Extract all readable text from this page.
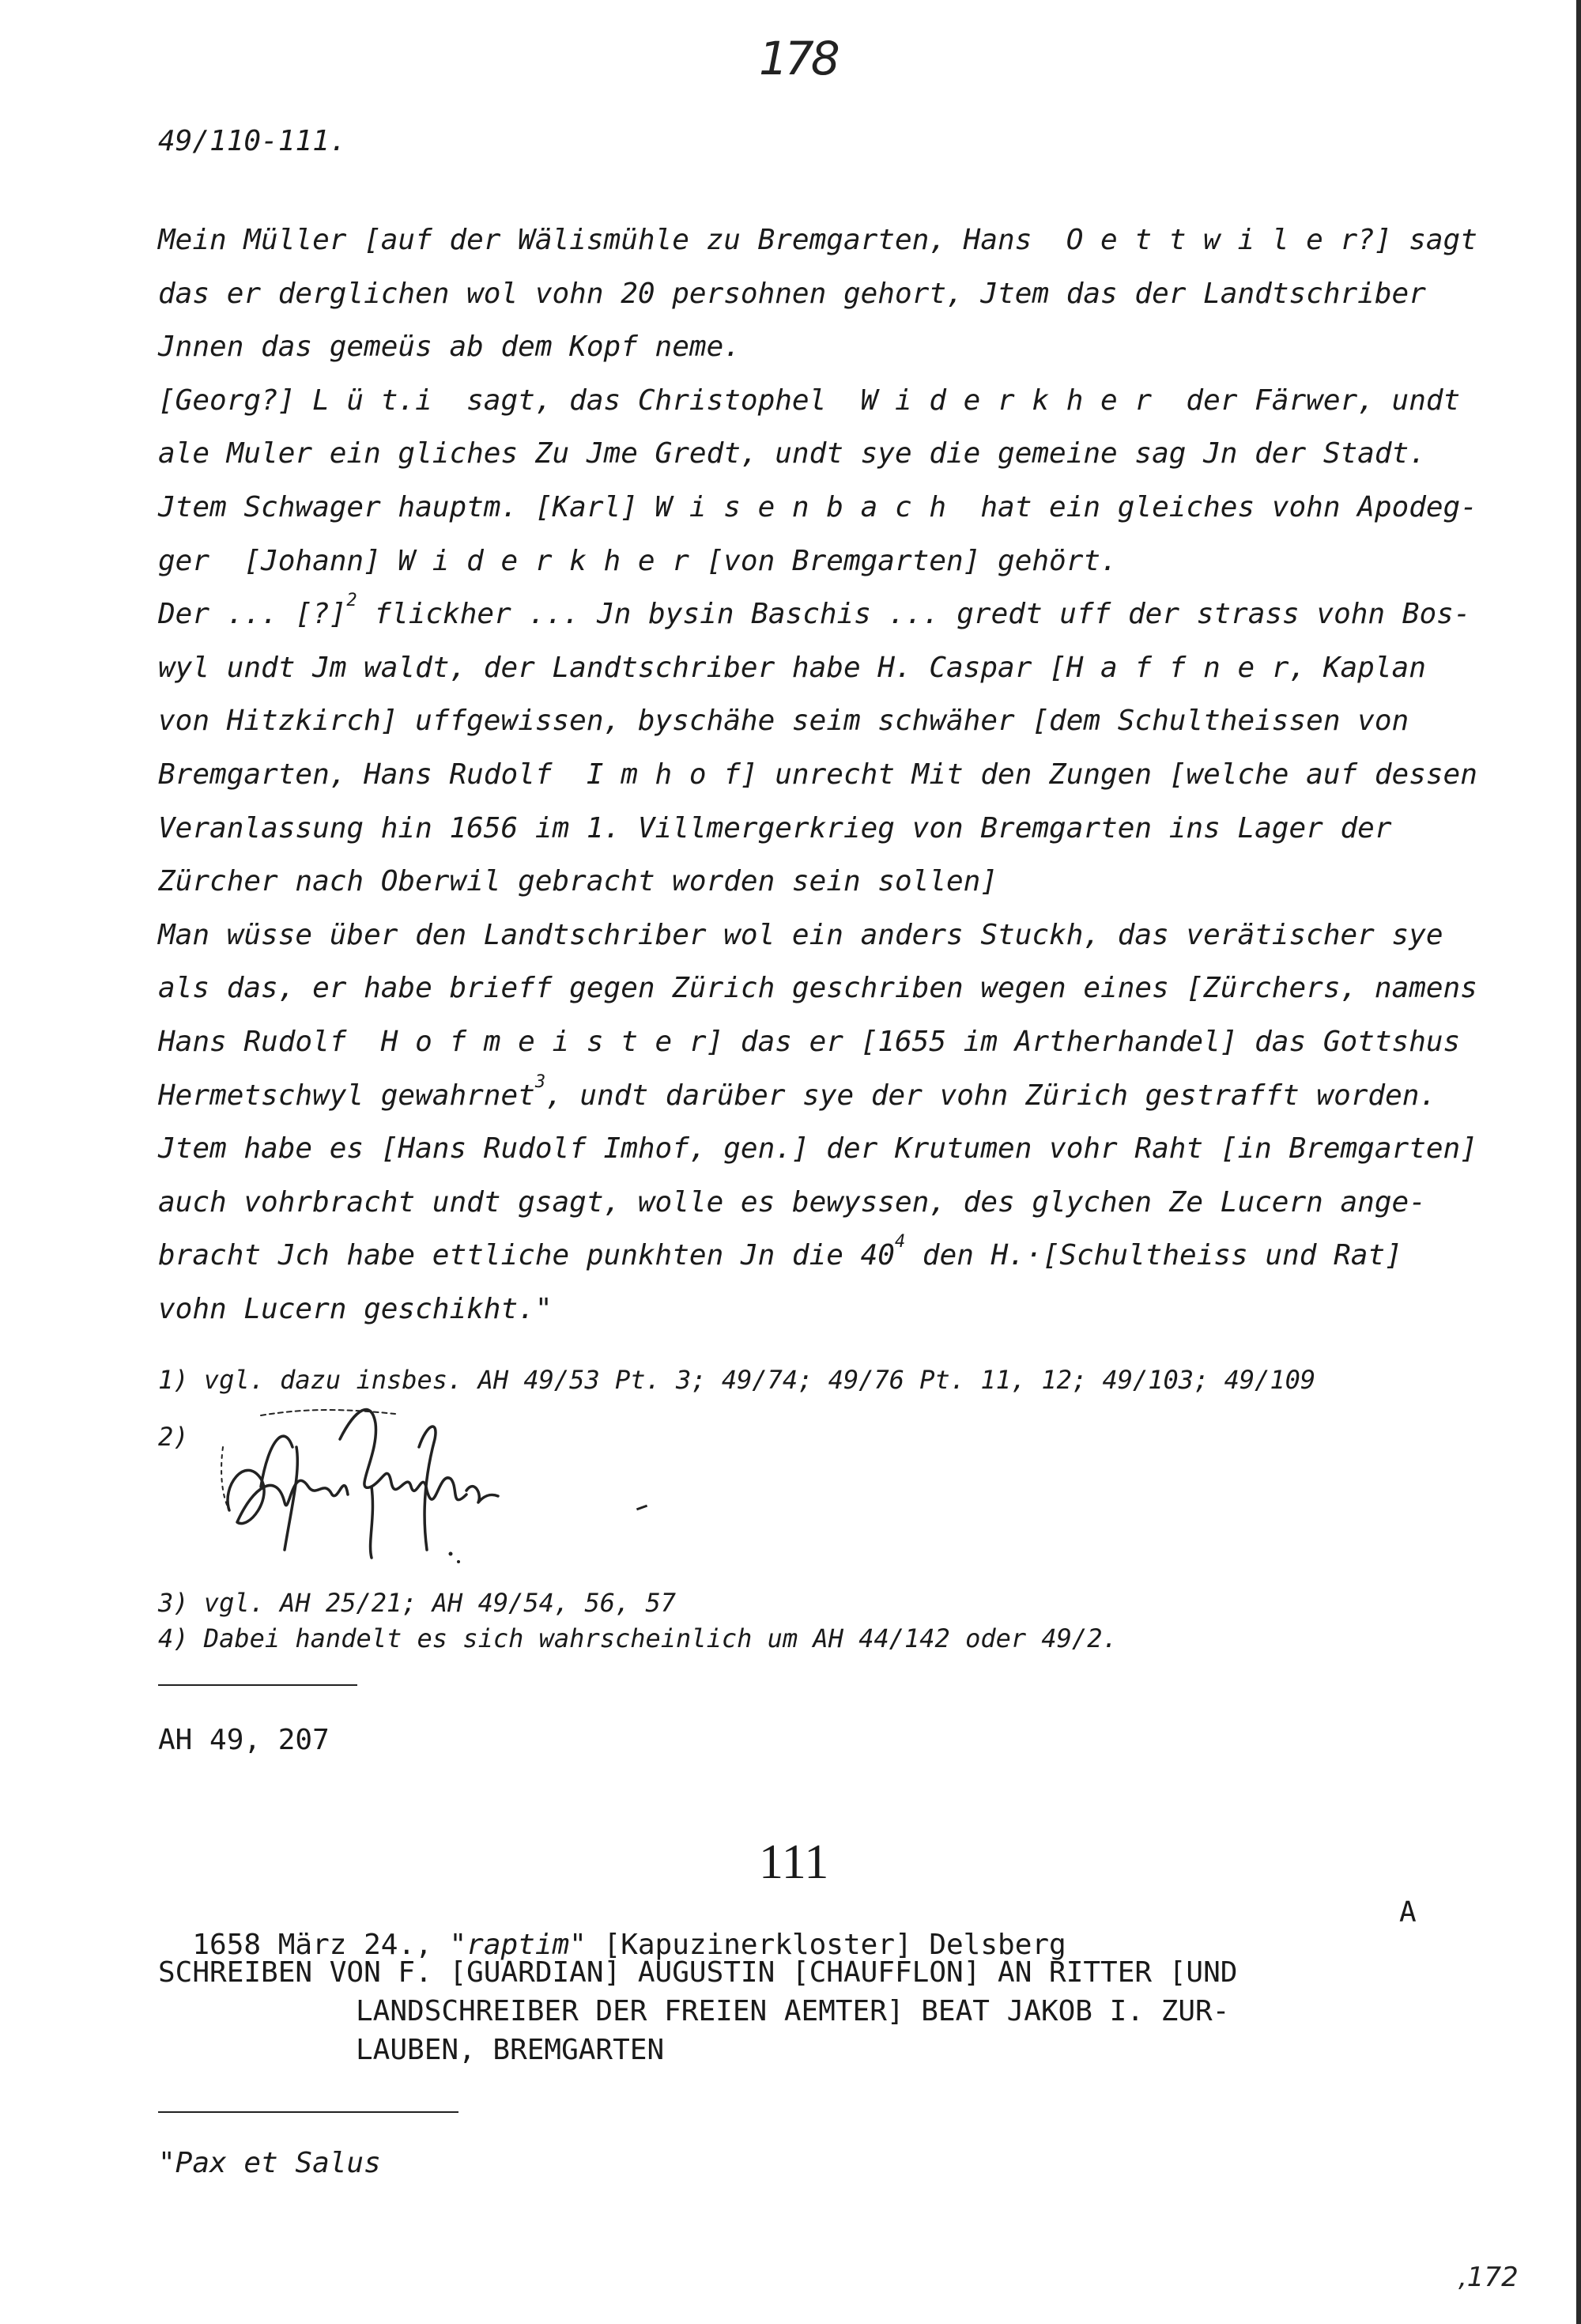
178
49/110-111.

Mein Müller [auf der Wälismühle zu Bremgarten, Hans  O e t t w i l e r?] sagt

das er derglichen wol vohn 20 persohnen gehort, Jtem das der Landtschriber

Jnnen das gemeüs ab dem Kopf neme.

[Georg?] L ü t.i  sagt, das Christophel  W i d e r k h e r  der Färwer, undt

ale Muler ein gliches Zu Jme Gredt, undt sye die gemeine sag Jn der Stadt.

Jtem Schwager hauptm. [Karl] W i s e n b a c h  hat ein gleiches vohn Apodeg-

ger  [Johann] W i d e r k h e r [von Bremgarten] gehört.

Der ... [?]$^2$ flickher ... Jn bysin Baschis ... gredt uff der strass vohn Bos-

wyl undt Jm waldt, der Landtschriber habe H. Caspar [H a f f n e r, Kaplan

von Hitzkirch] uffgewissen, byschähe seim schwäher [dem Schultheissen von

Bremgarten, Hans Rudolf  I m h o f] unrecht Mit den Zungen [welche auf dessen

Veranlassung hin 1656 im 1. Villmergerkrieg von Bremgarten ins Lager der

Zürcher nach Oberwil gebracht worden sein sollen]

Man wüsse über den Landtschriber wol ein anders Stuckh, das verätischer sye

als das, er habe brieff gegen Zürich geschriben wegen eines [Zürchers, namens

Hans Rudolf  H o f m e i s t e r] das er [1655 im Artherhandel] das Gottshus

Hermetschwyl gewahrnet$^3$, undt darüber sye der vohn Zürich gestrafft worden.

Jtem habe es [Hans Rudolf Imhof, gen.] der Krutumen vohr Raht [in Bremgarten]

auch vohrbracht undt gsagt, wolle es bewyssen, des glychen Ze Lucern ange-

bracht Jch habe ettliche punkhten Jn die $40^4$ den H.·[Schultheiss und Rat]

vohn Lucern geschikht."

1) vgl. dazu insbes. AH 49/53 Pt. 3; 49/74; 49/76 Pt. 11, 12; 49/103; 49/109
2)
3) vgl. AH 25/21; AH 49/54, 56, 57
4) Dabei handelt es sich wahrscheinlich um AH 44/142 oder 49/2.
AH 49, 207
111

1658 März 24., "raptim" [Kapuzinerkloster] Delsberg

A

SCHREIBEN VON F. [GUARDIAN] AUGUSTIN [CHAUFFLON] AN RITTER [UND
LANDSCHREIBER DER FREIEN AEMTER] BEAT JAKOB I. ZUR-
LAUBEN, BREMGARTEN
"Pax et Salus
,172
